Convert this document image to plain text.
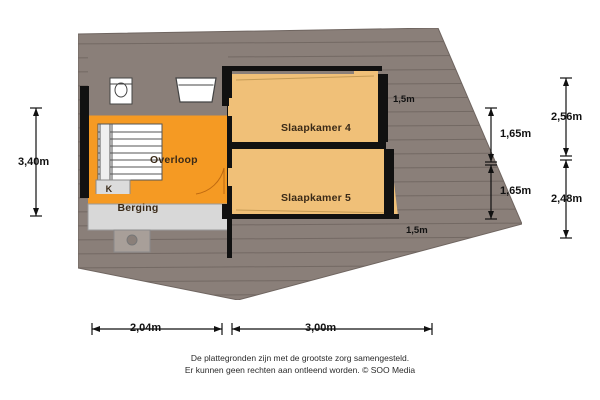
Slaapkamer 4
Slaapkamer 5
Overloop
Berging
K
1,5m
1,5m
3,40m
1,65m
1,65m
2,56m
2,48m
2,04m	3,00m
De plattegronden zijn met de grootste zorg samengesteld.
Er kunnen geen rechten aan ontleend worden. © SOO Media
